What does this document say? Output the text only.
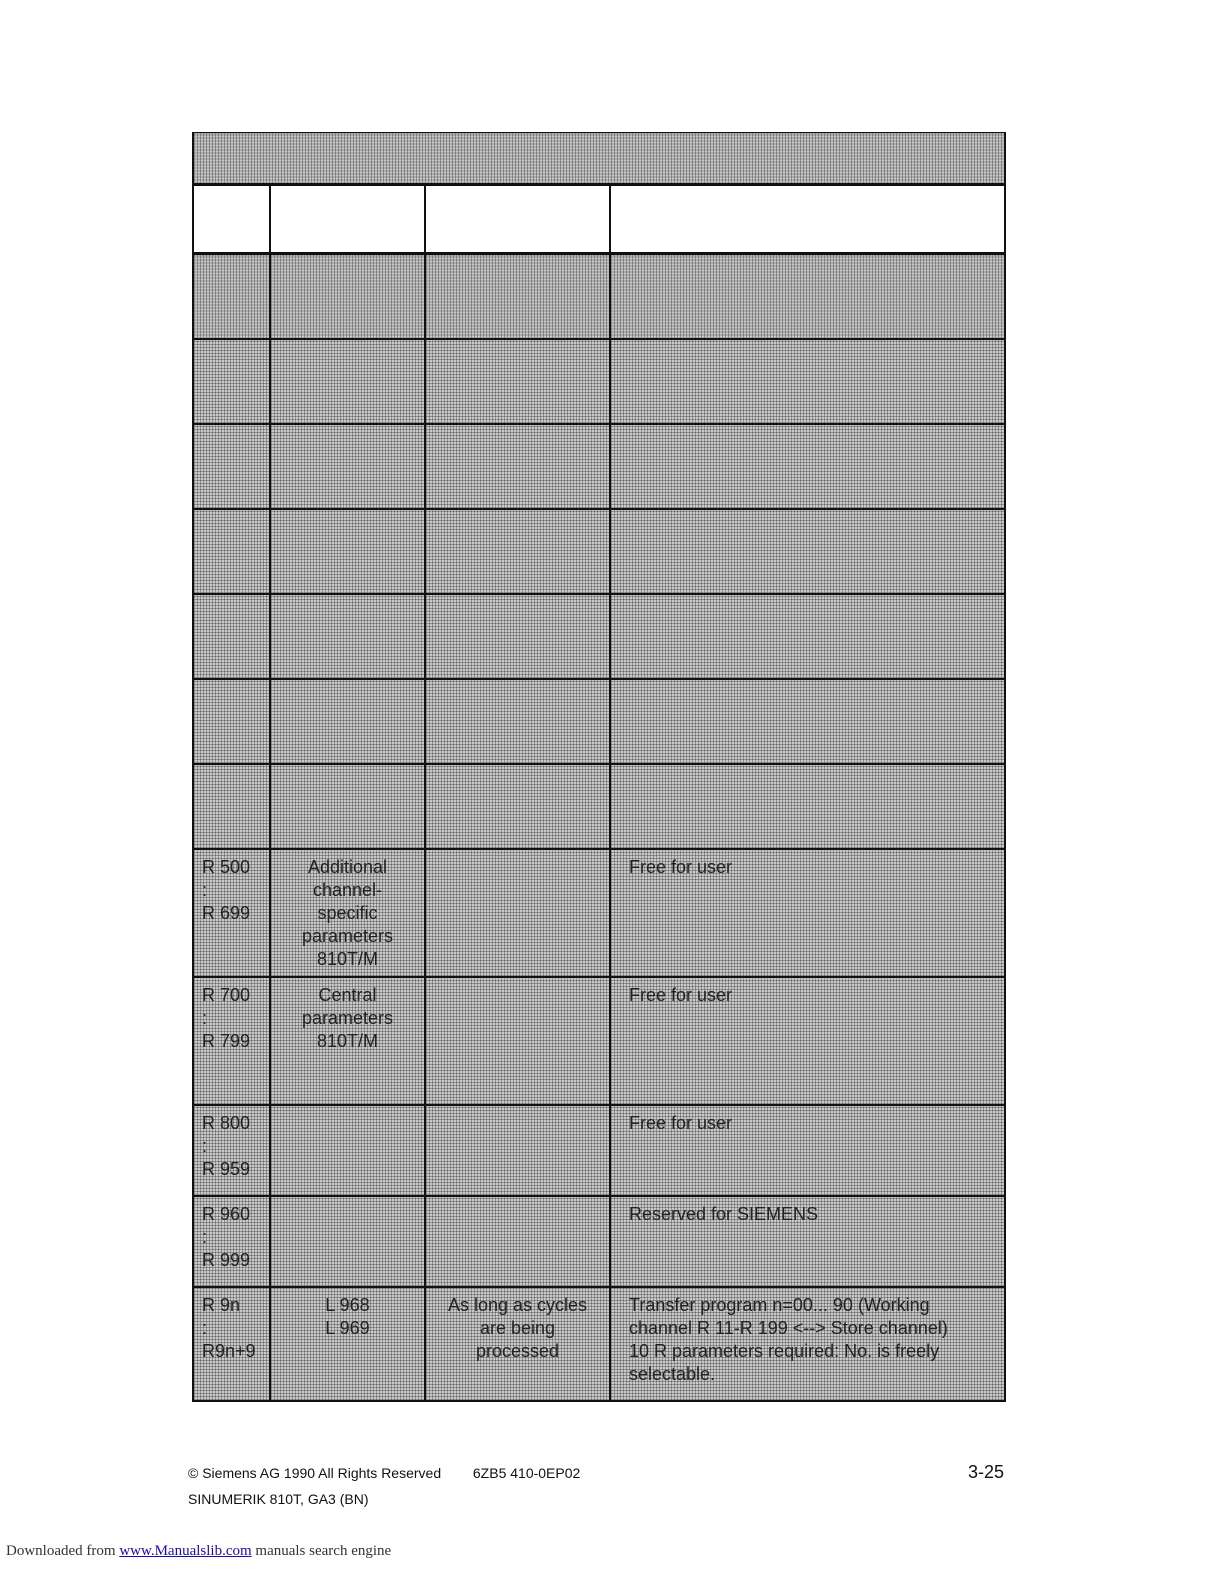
R 500
:
R 699	Additional
channel-
specific
parameters
810T/M		Free for user

R 700
:
R 799	Central
parameters
810T/M		Free for user

R 800
:
R 959			Free for user

R 960
:
R 999			Reserved for SIEMENS

R 9n
:
R9n+9	L 968
L 969	As long as cycles
are being
processed	Transfer program n=00... 90 (Working
channel R 11-R 199 <--> Store channel)
10 R parameters required: No. is freely
selectable.
© Siemens AG 1990 All Rights Reserved 6ZB5 410-0EP02
SINUMERIK 810T, GA3 (BN)
3-25
Downloaded from www.Manualslib.com manuals search engine
